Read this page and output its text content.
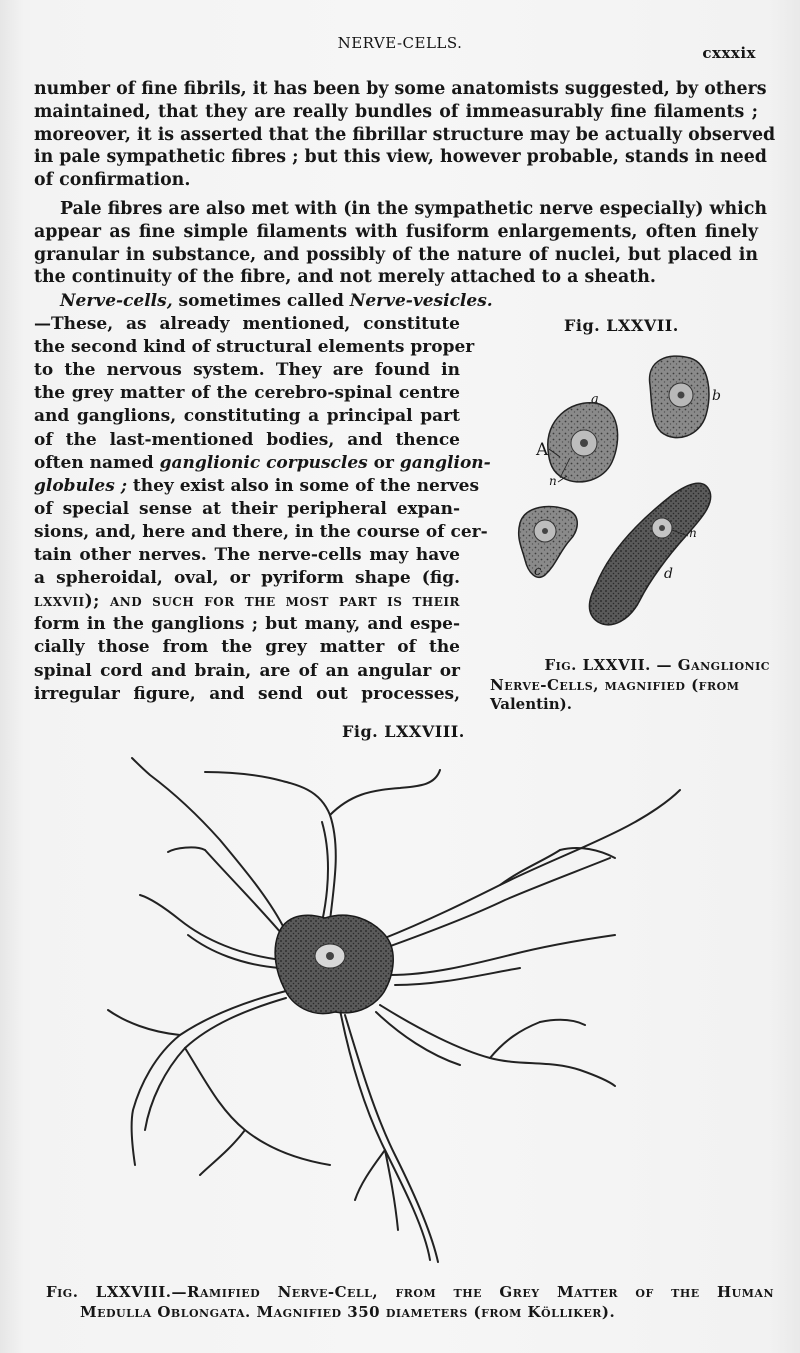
NERVE-CELLS.
cxxxix
number of fine fibrils, it has been by some anatomists suggested, by others
maintained, that they are really bundles of immeasurably fine filaments ;
moreover, it is asserted that the fibrillar structure may be actually observed
in pale sympathetic fibres ; but this view, however probable, stands in need
of confirmation.
Pale fibres are also met with (in the sympathetic nerve especially) which
appear as fine simple filaments with fusiform enlargements, often finely
granular in substance, and possibly of the nature of nuclei, but placed in
the continuity of the fibre, and not merely attached to a sheath.
Nerve-cells, sometimes called Nerve-vesicles.
—These, as already mentioned, constitute
the second kind of structural elements proper
to the nervous system. They are found in
the grey matter of the cerebro-spinal centre
and ganglions, constituting a principal part
of the last-mentioned bodies, and thence
often named ganglionic corpuscles or ganglion-
globules ; they exist also in some of the nerves
of special sense at their peripheral expan-
sions, and, here and there, in the course of cer-
tain other nerves. The nerve-cells may have
a spheroidal, oval, or pyriform shape (fig.
lxxvii); and such for the most part is their
form in the ganglions ; but many, and espe-
cially those from the grey matter of the
spinal cord and brain, are of an angular or
irregular figure, and send out processes,
Fig. LXXVII.
A
a	b
c	d
n
n
Fig. LXXVII. — Ganglionic
Nerve-Cells, magnified (from
Valentin).
Fig. LXXVIII.
Fig. LXXVIII.—Ramified Nerve-Cell, from the Grey Matter of the Human
Medulla Oblongata. Magnified 350 diameters (from Kölliker).
